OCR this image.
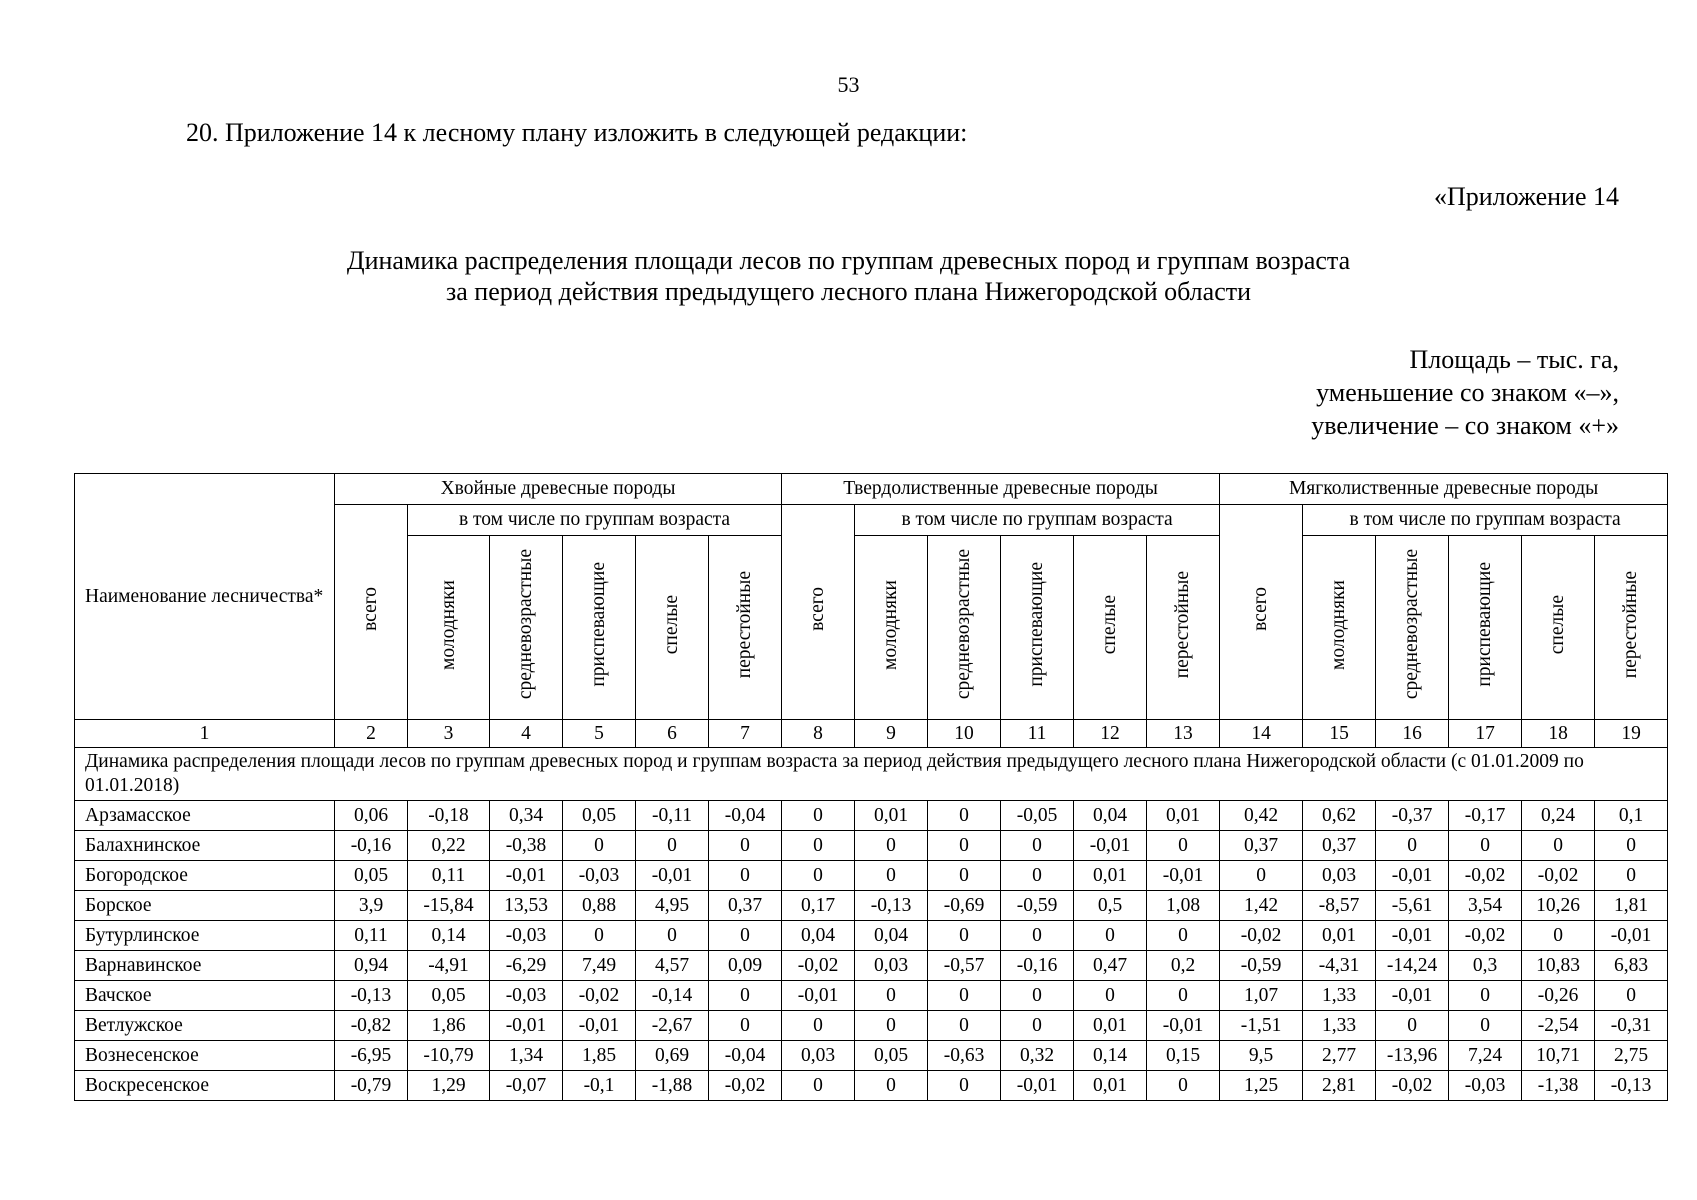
53
20. Приложение 14 к лесному плану изложить в следующей редакции:
«Приложение 14
Динамика распределения площади лесов по группам древесных пород и группам возраста
за период действия предыдущего лесного плана Нижегородской области
Площадь – тыс. га,
уменьшение со знаком «–»,
увеличение – со знаком «+»
Наименование лесничества*	Хвойные древесные породы						Твердолиственные древесные породы						Мягколиственные древесные породы					
	всего	в том числе по группам возраста					всего	в том числе по группам возраста					всего	в том числе по группам возраста				
		молодняки	средневозрастные	приспевающие	спелые	перестойные		молодняки	средневозрастные	приспевающие	спелые	перестойные		молодняки	средневозрастные	приспевающие	спелые	перестойные
1	2	3	4	5	6	7	8	9	10	11	12	13	14	15	16	17	18	19
Динамика распределения площади лесов по группам древесных пород и группам возраста за период действия предыдущего лесного плана Нижегородской области (с 01.01.2009 по 01.01.2018)																		
Арзамасское	0,06	-0,18	0,34	0,05	-0,11	-0,04	0	0,01	0	-0,05	0,04	0,01	0,42	0,62	-0,37	-0,17	0,24	0,1
Балахнинское	-0,16	0,22	-0,38	0	0	0	0	0	0	0	-0,01	0	0,37	0,37	0	0	0	0
Богородское	0,05	0,11	-0,01	-0,03	-0,01	0	0	0	0	0	0,01	-0,01	0	0,03	-0,01	-0,02	-0,02	0
Борское	3,9	-15,84	13,53	0,88	4,95	0,37	0,17	-0,13	-0,69	-0,59	0,5	1,08	1,42	-8,57	-5,61	3,54	10,26	1,81
Бутурлинское	0,11	0,14	-0,03	0	0	0	0,04	0,04	0	0	0	0	-0,02	0,01	-0,01	-0,02	0	-0,01
Варнавинское	0,94	-4,91	-6,29	7,49	4,57	0,09	-0,02	0,03	-0,57	-0,16	0,47	0,2	-0,59	-4,31	-14,24	0,3	10,83	6,83
Вачское	-0,13	0,05	-0,03	-0,02	-0,14	0	-0,01	0	0	0	0	0	1,07	1,33	-0,01	0	-0,26	0
Ветлужское	-0,82	1,86	-0,01	-0,01	-2,67	0	0	0	0	0	0,01	-0,01	-1,51	1,33	0	0	-2,54	-0,31
Вознесенское	-6,95	-10,79	1,34	1,85	0,69	-0,04	0,03	0,05	-0,63	0,32	0,14	0,15	9,5	2,77	-13,96	7,24	10,71	2,75
Воскресенское	-0,79	1,29	-0,07	-0,1	-1,88	-0,02	0	0	0	-0,01	0,01	0	1,25	2,81	-0,02	-0,03	-1,38	-0,13
